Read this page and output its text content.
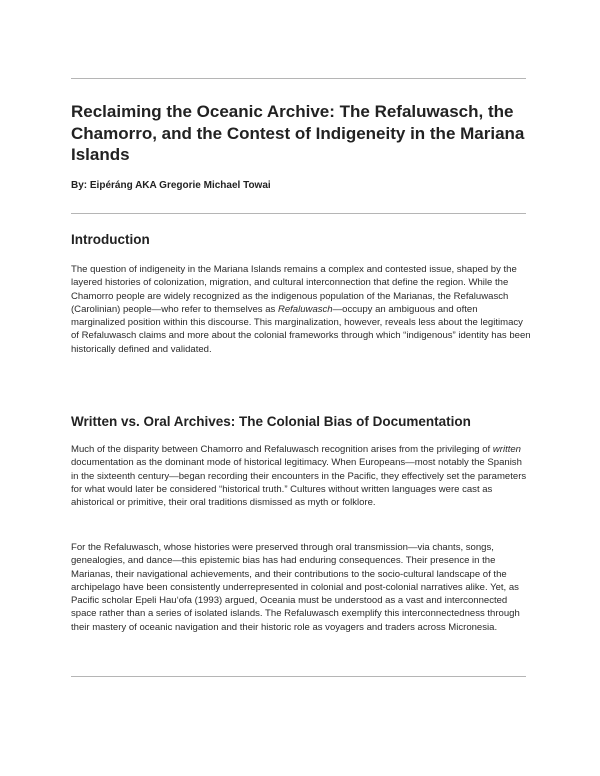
Reclaiming the Oceanic Archive: The Refaluwasch, the Chamorro, and the Contest of Indigeneity in the Mariana Islands

By: Eipéráng AKA Gregorie Michael Towai

Introduction

The question of indigeneity in the Mariana Islands remains a complex and contested issue, shaped by the layered histories of colonization, migration, and cultural interconnection that define the region. While the Chamorro people are widely recognized as the indigenous population of the Marianas, the Refaluwasch (Carolinian) people—who refer to themselves as Refaluwasch—occupy an ambiguous and often marginalized position within this discourse. This marginalization, however, reveals less about the legitimacy of Refaluwasch claims and more about the colonial frameworks through which “indigenous” identity has been historically defined and validated.

Written vs. Oral Archives: The Colonial Bias of Documentation

Much of the disparity between Chamorro and Refaluwasch recognition arises from the privileging of written documentation as the dominant mode of historical legitimacy. When Europeans—most notably the Spanish in the sixteenth century—began recording their encounters in the Pacific, they effectively set the parameters for what would later be considered “historical truth.” Cultures without written languages were cast as ahistorical or primitive, their oral traditions dismissed as myth or folklore.

For the Refaluwasch, whose histories were preserved through oral transmission—via chants, songs, genealogies, and dance—this epistemic bias has had enduring consequences. Their presence in the Marianas, their navigational achievements, and their contributions to the socio-cultural landscape of the archipelago have been consistently underrepresented in colonial and post-colonial narratives alike. Yet, as Pacific scholar Epeli Hauʻofa (1993) argued, Oceania must be understood as a vast and interconnected space rather than a series of isolated islands. The Refaluwasch exemplify this interconnectedness through their mastery of oceanic navigation and their historic role as voyagers and traders across Micronesia.
